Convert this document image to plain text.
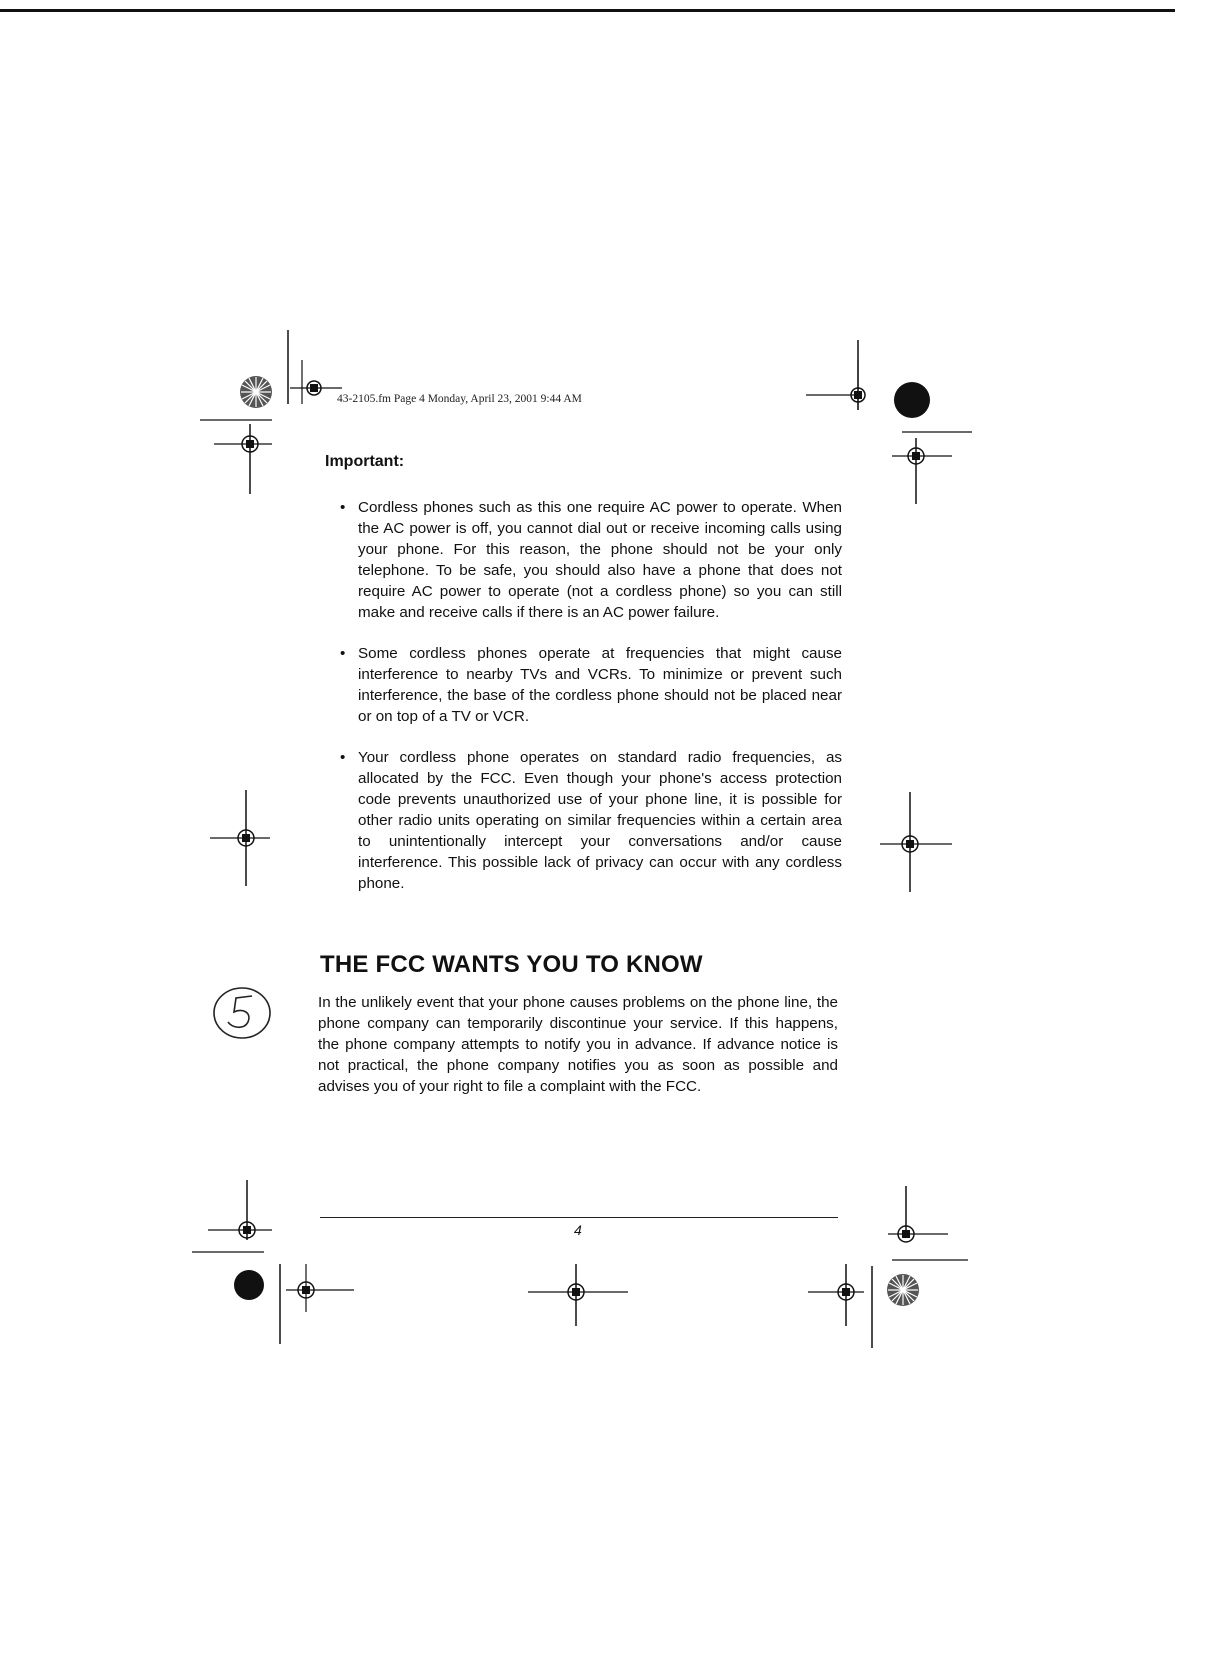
43-2105.fm Page 4 Monday, April 23, 2001 9:44 AM
Important:
• Cordless phones such as this one require AC power to operate. When the AC power is off, you cannot dial out or receive incoming calls using your phone. For this reason, the phone should not be your only telephone. To be safe, you should also have a phone that does not require AC power to operate (not a cordless phone) so you can still make and receive calls if there is an AC power failure.
• Some cordless phones operate at frequencies that might cause interference to nearby TVs and VCRs. To minimize or prevent such interference, the base of the cordless phone should not be placed near or on top of a TV or VCR.
• Your cordless phone operates on standard radio frequencies, as allocated by the FCC. Even though your phone's access protection code prevents unauthorized use of your phone line, it is possible for other radio units operating on similar frequencies within a certain area to unintentionally intercept your conversations and/or cause interference. This possible lack of privacy can occur with any cordless phone.
THE FCC WANTS YOU TO KNOW

In the unlikely event that your phone causes problems on the phone line, the phone company can temporarily discontinue your service. If this happens, the phone company attempts to notify you in advance. If advance notice is not practical, the phone company notifies you as soon as possible and advises you of your right to file a complaint with the FCC.

4
